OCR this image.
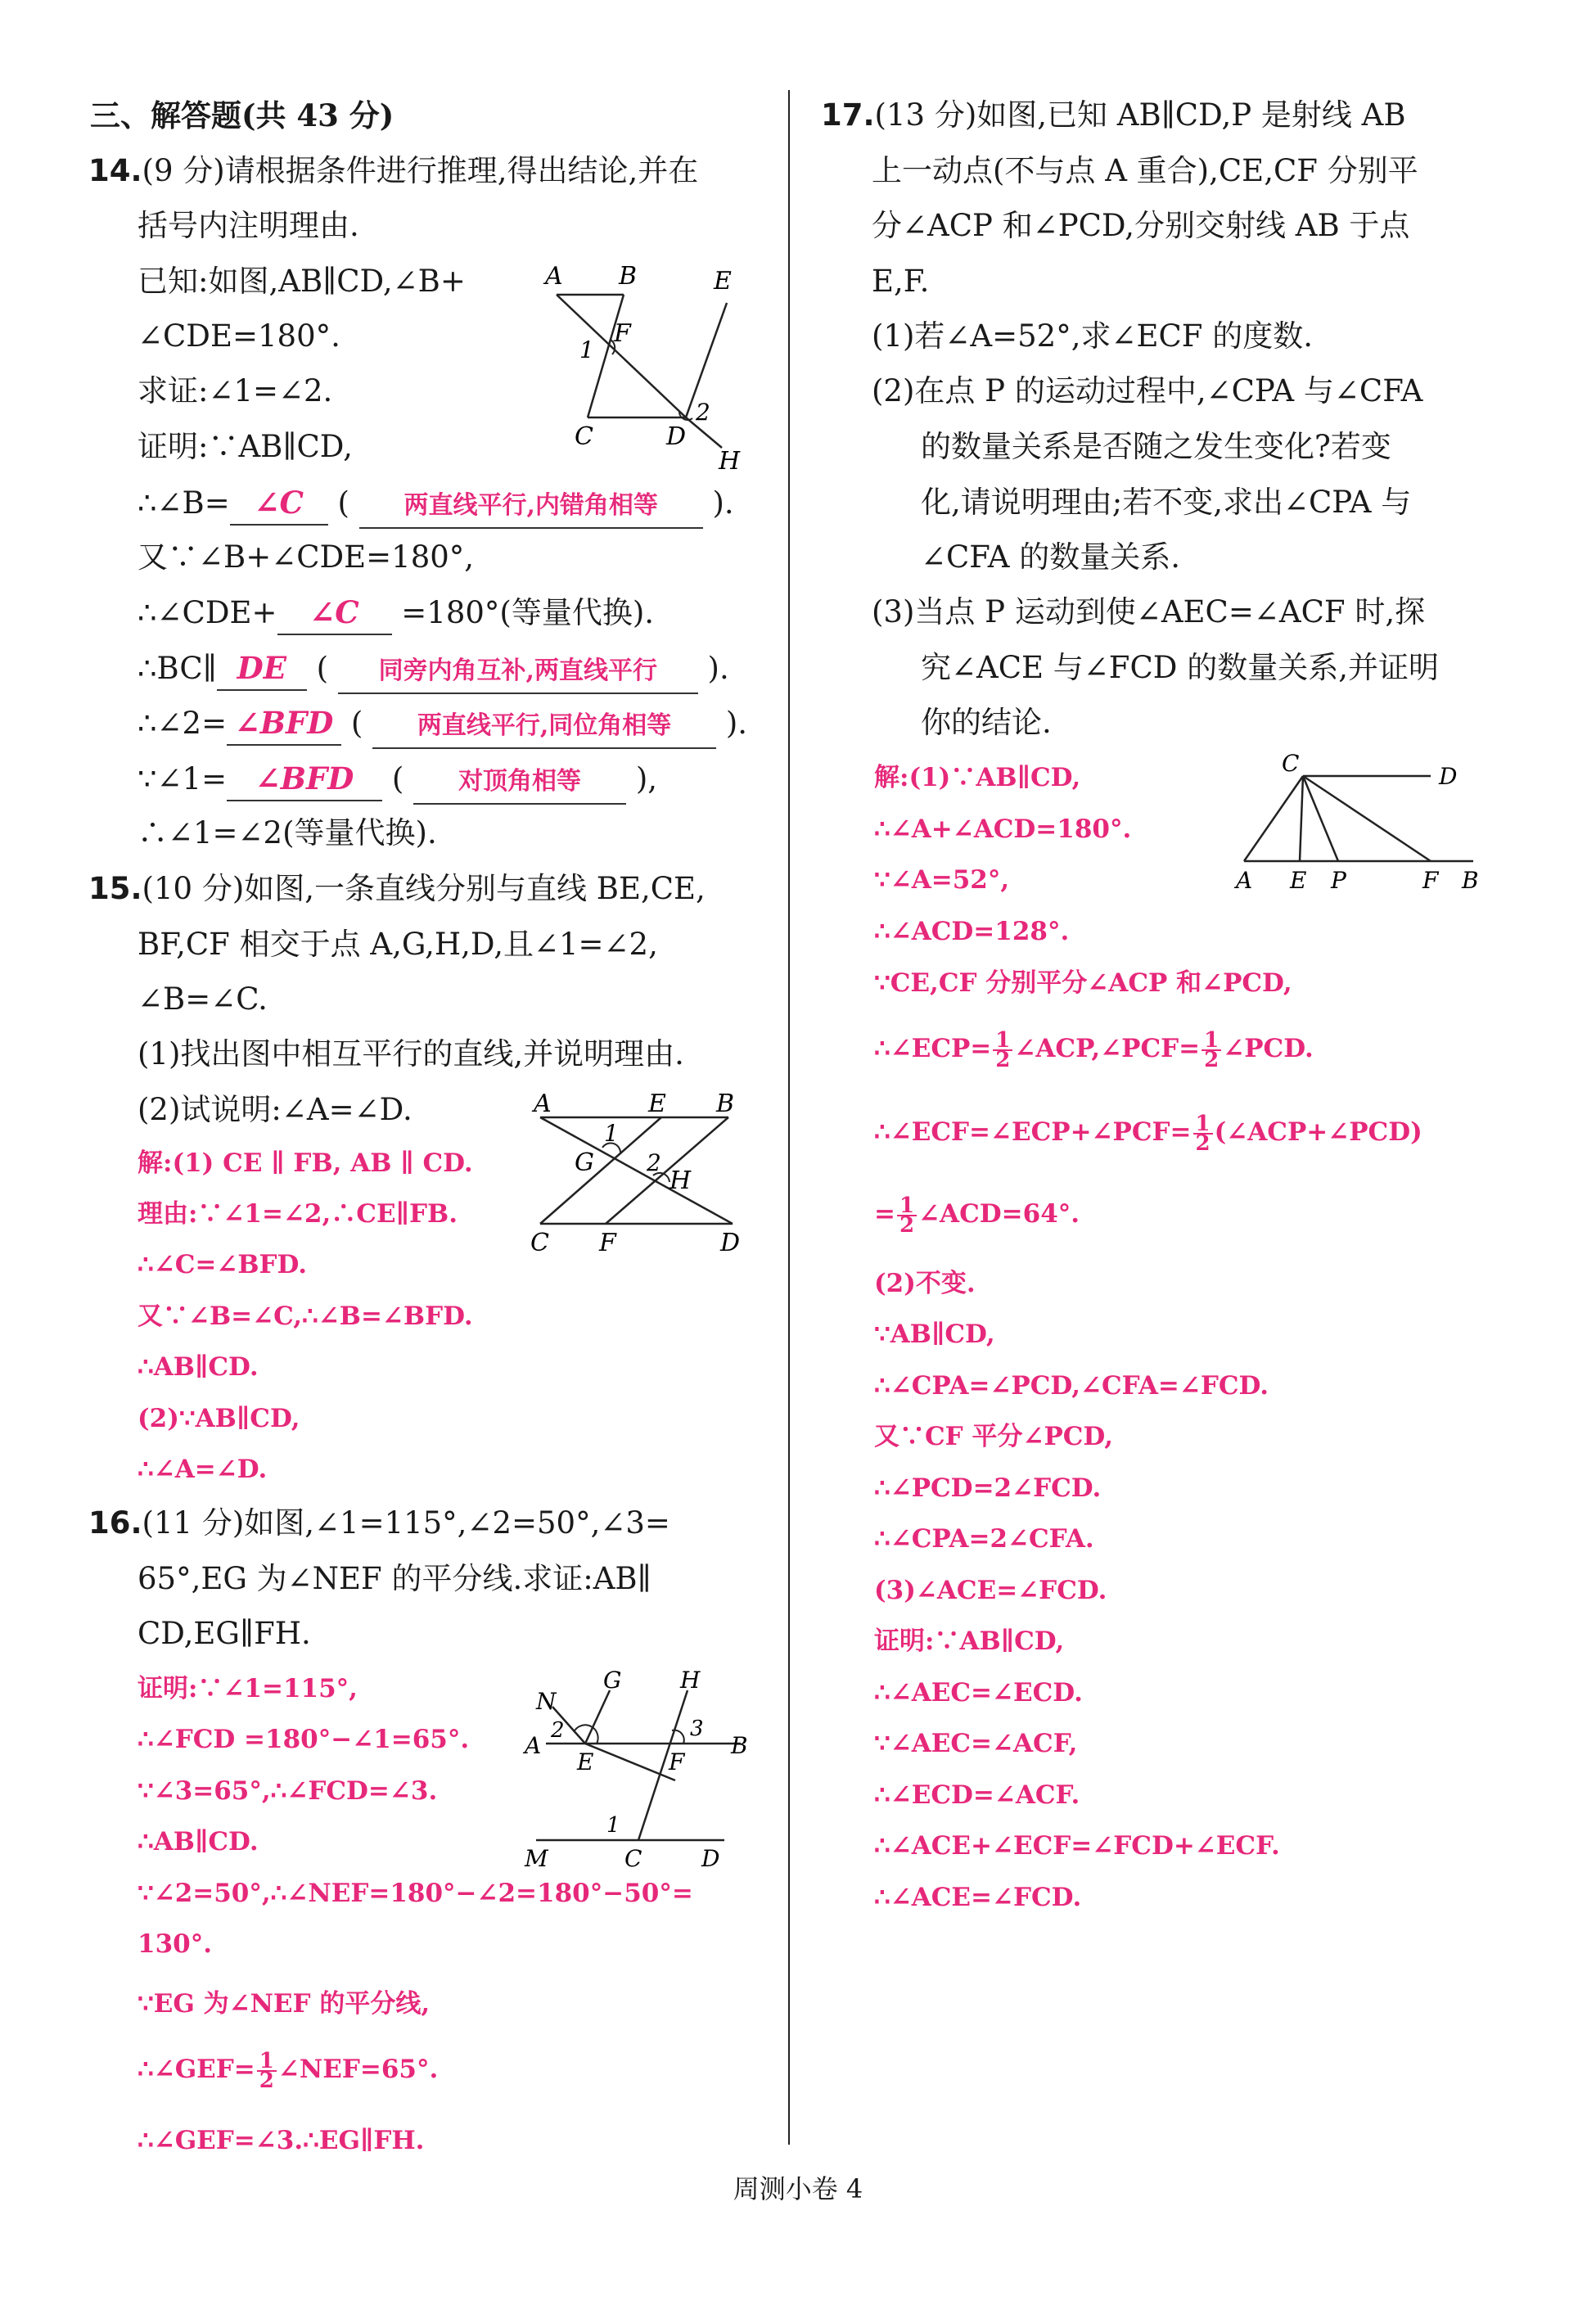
三、解答题(共 43 分)
14.(9 分)请根据条件进行推理,得出结论,并在
括号内注明理由.
已知:如图,AB∥CD,∠B+
∠CDE=180°.
求证:∠1=∠2.
证明:∵AB∥CD,
∴∠B= ∠C ( 两直线平行,内错角相等 ).
又∵∠B+∠CDE=180°,
∴∠CDE+ ∠C =180°(等量代换).
∴BC∥ DE ( 同旁内角互补,两直线平行 ).
∴∠2= ∠BFD ( 两直线平行,同位角相等 ).
∵∠1= ∠BFD ( 对顶角相等 ),
∴∠1=∠2(等量代换).
A B	E
F
1
2
C	D
H
15.(10 分)如图,一条直线分别与直线 BE,CE,
BF,CF 相交于点 A,G,H,D,且∠1=∠2,
∠B=∠C.
(1)找出图中相互平行的直线,并说明理由.
(2)试说明:∠A=∠D.
解:(1) CE ∥ FB, AB ∥ CD.
理由:∵∠1=∠2,∴CE∥FB.
∴∠C=∠BFD.
又∵∠B=∠C,∴∠B=∠BFD.
∴AB∥CD.
(2)∵AB∥CD,
∴∠A=∠D.
A	E B
1
2
G
H
C F	D
16.(11 分)如图,∠1=115°,∠2=50°,∠3=
65°,EG 为∠NEF 的平分线.求证:AB∥
CD,EG∥FH.
证明:∵∠1=115°,
∴∠FCD =180°−∠1=65°.
∵∠3=65°,∴∠FCD=∠3.
∴AB∥CD.
∵∠2=50°,∴∠NEF=180°−∠2=180°−50°=
130°.
∵EG 为∠NEF 的平分线,
∴∠GEF= $\frac{1}{2}$ ∠NEF=65°.
∴∠GEF=∠3.∴EG∥FH.
N
G	H
2	3
A
E	F
B
1
M	C	D
17.(13 分)如图,已知 AB∥CD,P 是射线 AB
上一动点(不与点 A 重合),CE,CF 分别平
分∠ACP 和∠PCD,分别交射线 AB 于点
E,F.
(1)若∠A=52°,求∠ECF 的度数.
(2)在点 P 的运动过程中,∠CPA 与∠CFA
的数量关系是否随之发生变化?若变
化,请说明理由;若不变,求出∠CPA 与
∠CFA 的数量关系.
(3)当点 P 运动到使∠AEC=∠ACF 时,探
究∠ACE 与∠FCD 的数量关系,并证明
你的结论.
解:(1)∵AB∥CD,
∴∠A+∠ACD=180°.
∵∠A=52°,
∴∠ACD=128°.
∵CE,CF 分别平分∠ACP 和∠PCD,
∴∠ECP= $\frac{1}{2}$ ∠ACP,∠PCF= $\frac{1}{2}$ ∠PCD.
∴∠ECF=∠ECP+∠PCF= $\frac{1}{2}$ (∠ACP+∠PCD)
= $\frac{1}{2}$ ∠ACD=64°.
(2)不变.
∵AB∥CD,
∴∠CPA=∠PCD,∠CFA=∠FCD.
又∵CF 平分∠PCD,
∴∠PCD=2∠FCD.
∴∠CPA=2∠CFA.
(3)∠ACE=∠FCD.
证明:∵AB∥CD,
∴∠AEC=∠ECD.
∵∠AEC=∠ACF,
∴∠ECD=∠ACF.
∴∠ACE+∠ECF=∠FCD+∠ECF.
∴∠ACE=∠FCD.
C	D
A E P	F B
周测小卷 4
